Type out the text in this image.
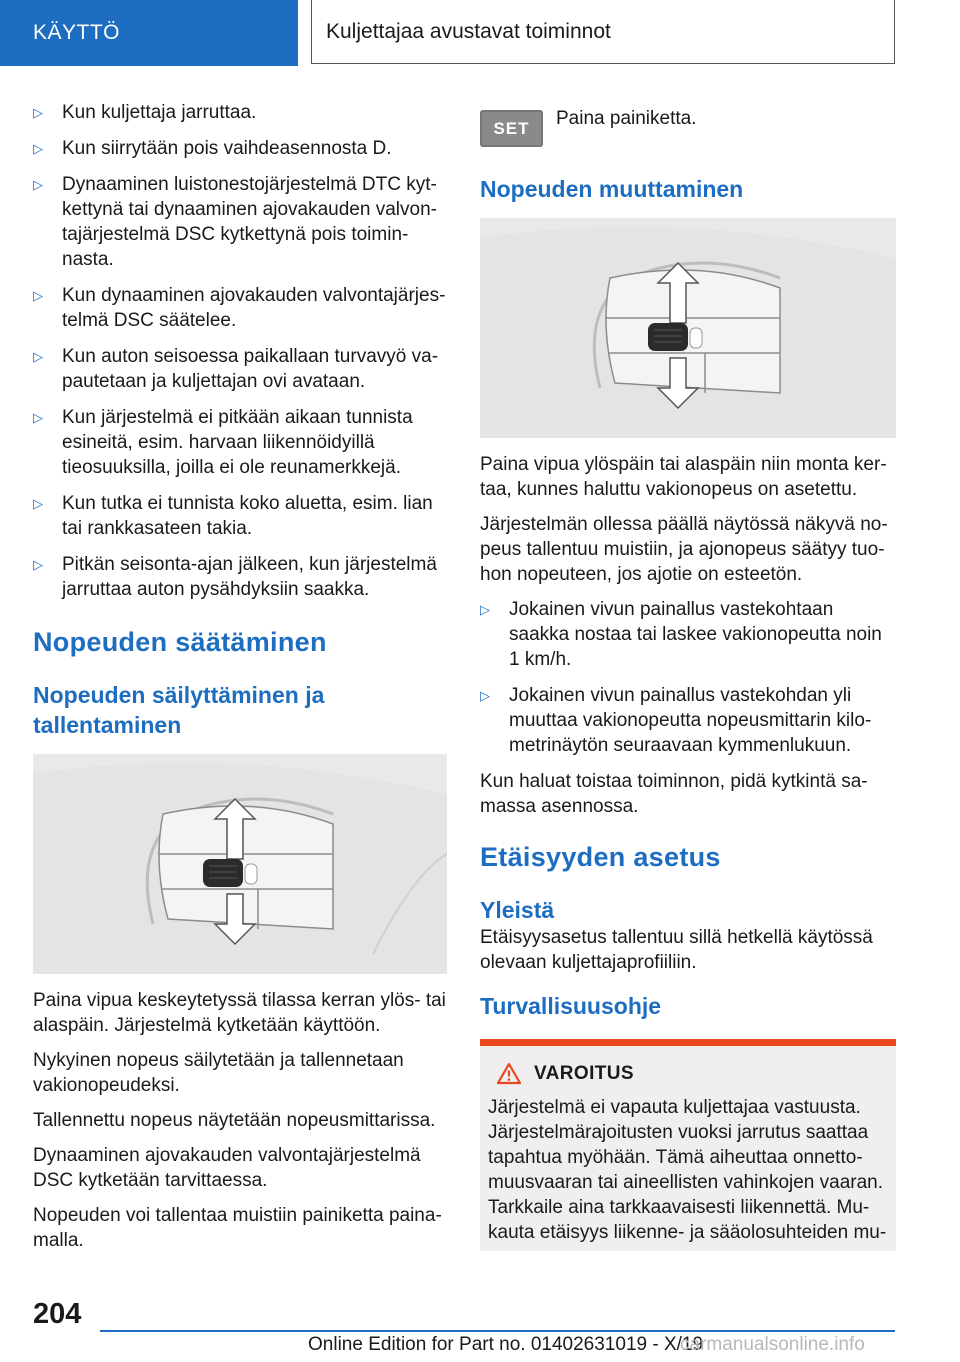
KÄYTTÖ	Kuljettajaa avustavat toiminnot
▷ Kun kuljettaja jarruttaa.
▷ Kun siirrytään pois vaihdeasennosta D.
▷ Dynaaminen luistonestojärjestelmä DTC kytkettynä tai dynaaminen ajovakauden valvontajärjestelmä DSC kytkettynä pois toiminnasta.
▷ Kun dynaaminen ajovakauden valvontajärjestelmä DSC säätelee.
▷ Kun auton seisoessa paikallaan turvavyö vapautetaan ja kuljettajan ovi avataan.
▷ Kun järjestelmä ei pitkään aikaan tunnista esineitä, esim. harvaan liikennöidyillä tieosuuksilla, joilla ei ole reunamerkkejä.
▷ Kun tutka ei tunnista koko aluetta, esim. lian tai rankkasateen takia.
▷ Pitkän seisonta-ajan jälkeen, kun järjestelmä jarruttaa auton pysähdyksiin saakka.
Nopeuden säätäminen
Nopeuden säilyttäminen ja tallentaminen

Paina vipua keskeytetyssä tilassa kerran ylös- tai alaspäin. Järjestelmä kytketään käyttöön.

Nykyinen nopeus säilytetään ja tallennetaan vakionopeudeksi.

Tallennettu nopeus näytetään nopeusmittarissa.

Dynaaminen ajovakauden valvontajärjestelmä DSC kytketään tarvittaessa.

Nopeuden voi tallentaa muistiin painiketta painamalla.

SET	Paina painiketta.
Nopeuden muuttaminen

Paina vipua ylöspäin tai alaspäin niin monta kertaa, kunnes haluttu vakionopeus on asetettu.

Järjestelmän ollessa päällä näytössä näkyvä nopeus tallentuu muistiin, ja ajonopeus säätyy tuohon nopeuteen, jos ajotie on esteetön.

▷ Jokainen vivun painallus vastekohtaan saakka nostaa tai laskee vakionopeutta noin 1 km/h.
▷ Jokainen vivun painallus vastekohdan yli muuttaa vakionopeutta nopeusmittarin kilometrinäytön seuraavaan kymmenlukuun.

Kun haluat toistaa toiminnon, pidä kytkintä samassa asennossa.

Etäisyyden asetus
Yleistä

Etäisyysasetus tallentuu sillä hetkellä käytössä olevaan kuljettajaprofiiliin.

Turvallisuusohje
VAROITUS

Järjestelmä ei vapauta kuljettajaa vastuusta. Järjestelmärajoitusten vuoksi jarrutus saattaa tapahtua myöhään. Tämä aiheuttaa onnettomuusvaaran tai aineellisten vahinkojen vaaran. Tarkkaile aina tarkkaavaisesti liikennettä. Mukauta etäisyys liikenne- ja sääolosuhteiden mu-

204
Online Edition for Part no. 01402631019 - X/19
carmanualsonline.info
